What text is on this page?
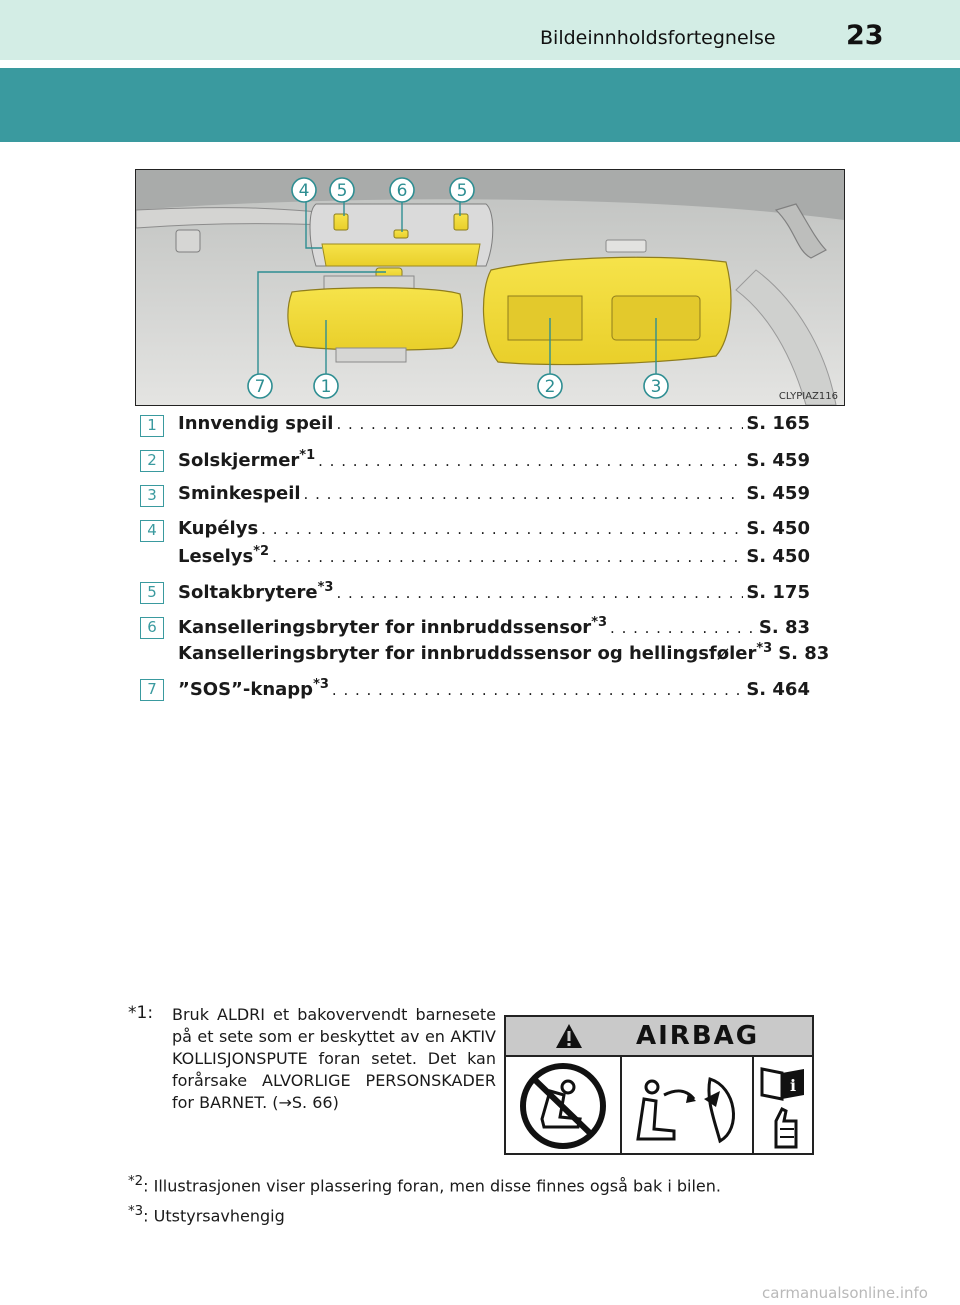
Bildeinnholdsfortegnelse	23
4 5	6	5
7	1	2	3	CLYPIAZ116
1	Innvendig speil . . .	S. 165
2	Solskjermer$^{*1}$ . . .	S. 459
3	Sminkespeil . . .	S. 459
4	Kupélys . . .	S. 450
Leselys$^{*2}$ . . .	S. 450
5	Soltakbrytere$^{*3}$ . . .	S. 175
6	Kanselleringsbryter for innbruddssensor$^{*3}$ . . .	S. 83
Kanselleringsbryter for innbruddssensor og hellingsføler$^{*3}$ S. 83
7	”SOS”-knapp$^{*3}$ . . .	S. 464
*1: Bruk ALDRI et bakovervendt barnesete på et sete som er beskyttet av en AKTIV KOLLISJONSPUTE foran setet. Det kan forårsake ALVORLIGE PERSONSKADER for BARNET. (→S. 66)
AIRBAG
i
$^{*2}$: Illustrasjonen viser plassering foran, men disse finnes også bak i bilen.
$^{*3}$: Utstyrsavhengig
carmanualsonline.info
